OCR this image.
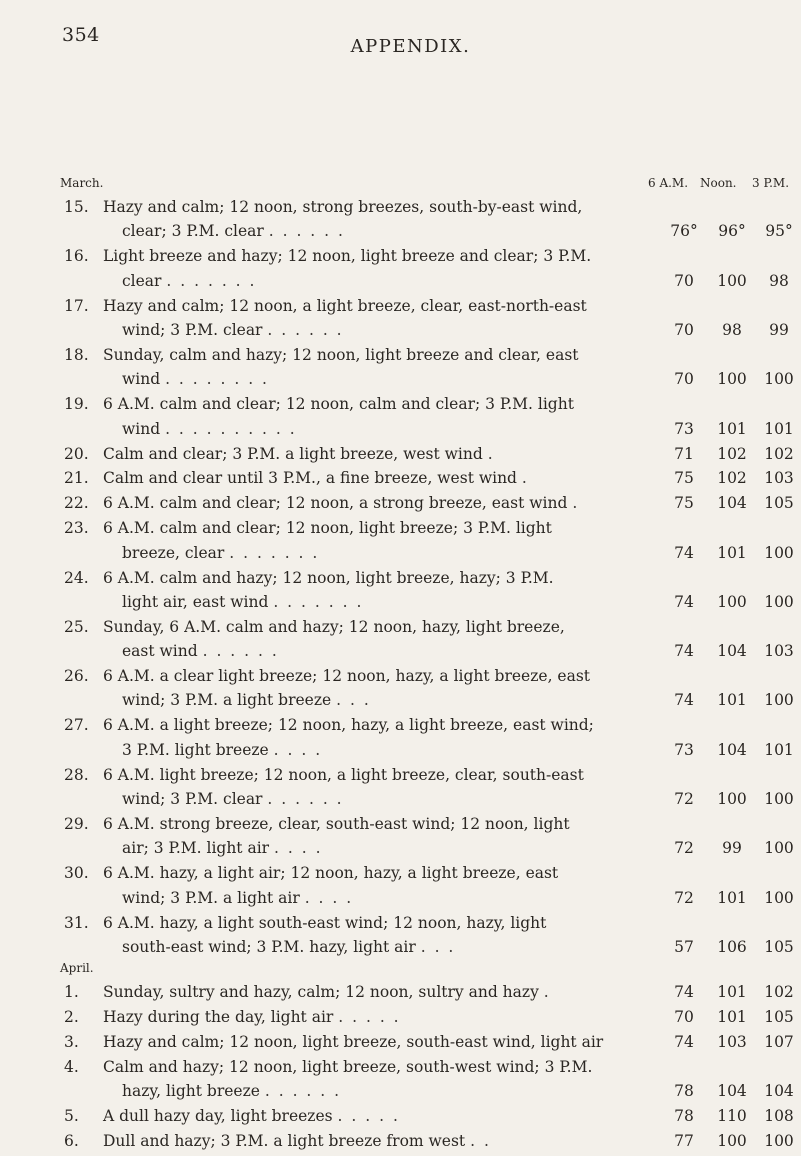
354
APPENDIX.
6 A.M. Noon. 3 P.M.
March.
15. Hazy and calm; 12 noon, strong breezes, south-by-east wind,
clear; 3 P.M. clear . . . . . .	76°	96°	95°
16. Light breeze and hazy; 12 noon, light breeze and clear; 3 P.M.
clear . . . . . . .	70	100	98
17. Hazy and calm; 12 noon, a light breeze, clear, east-north-east
wind; 3 P.M. clear . . . . . .	70	98	99
18. Sunday, calm and hazy; 12 noon, light breeze and clear, east
wind . . . . . . . .	70	100	100
19. 6 A.M. calm and clear; 12 noon, calm and clear; 3 P.M. light
wind . . . . . . . . . .	73	101	101
20. Calm and clear; 3 P.M. a light breeze, west wind .	71	102	102
21. Calm and clear until 3 P.M., a fine breeze, west wind .	75	102	103
22. 6 A.M. calm and clear; 12 noon, a strong breeze, east wind .	75	104	105
23. 6 A.M. calm and clear; 12 noon, light breeze; 3 P.M. light
breeze, clear . . . . . . .	74	101	100
24. 6 A.M. calm and hazy; 12 noon, light breeze, hazy; 3 P.M.
light air, east wind . . . . . . .	74	100	100
25. Sunday, 6 A.M. calm and hazy; 12 noon, hazy, light breeze,
east wind . . . . . .	74	104	103
26. 6 A.M. a clear light breeze; 12 noon, hazy, a light breeze, east
wind; 3 P.M. a light breeze . . .	74	101	100
27. 6 A.M. a light breeze; 12 noon, hazy, a light breeze, east wind;
3 P.M. light breeze . . . .	73	104	101
28. 6 A.M. light breeze; 12 noon, a light breeze, clear, south-east
wind; 3 P.M. clear . . . . . .	72	100	100
29. 6 A.M. strong breeze, clear, south-east wind; 12 noon, light
air; 3 P.M. light air . . . .	72	99	100
30. 6 A.M. hazy, a light air; 12 noon, hazy, a light breeze, east
wind; 3 P.M. a light air . . . .	72	101	100
31. 6 A.M. hazy, a light south-east wind; 12 noon, hazy, light
south-east wind; 3 P.M. hazy, light air . . .	57	106	105
April.
1.	Sunday, sultry and hazy, calm; 12 noon, sultry and hazy .	74	101	102
2.	Hazy during the day, light air . . . . .	70	101	105
3.	Hazy and calm; 12 noon, light breeze, south-east wind, light air	74	103	107
4.	Calm and hazy; 12 noon, light breeze, south-west wind; 3 P.M.
hazy, light breeze . . . . . .	78	104	104
5.	A dull hazy day, light breezes . . . . .	78	110	108
6.	Dull and hazy; 3 P.M. a light breeze from west . .	77	100	100
